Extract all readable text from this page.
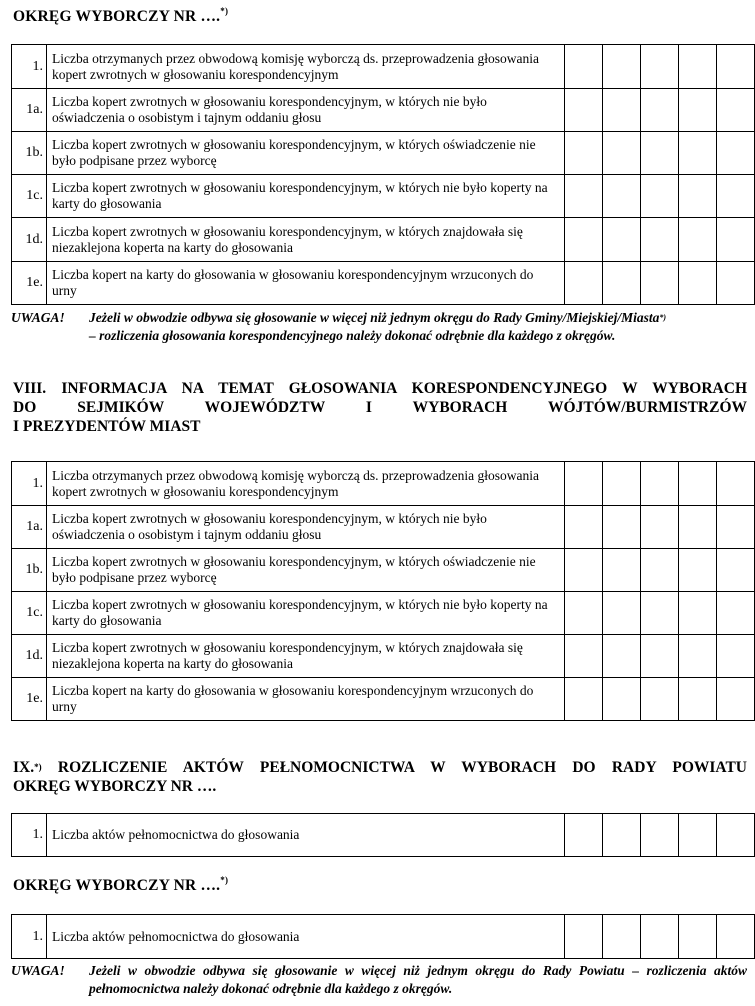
OKRĘG WYBORCZY NR ….*)
1.	Liczba otrzymanych przez obwodową komisję wyborczą ds. przeprowadzenia głosowania kopert zwrotnych w głosowaniu korespondencyjnym					
1a.	Liczba kopert zwrotnych w głosowaniu korespondencyjnym, w których nie było oświadczenia o osobistym i tajnym oddaniu głosu					
1b.	Liczba kopert zwrotnych w głosowaniu korespondencyjnym, w których oświadczenie nie było podpisane przez wyborcę					
1c.	Liczba kopert zwrotnych w głosowaniu korespondencyjnym, w których nie było koperty na karty do głosowania					
1d.	Liczba kopert zwrotnych w głosowaniu korespondencyjnym, w których znajdowała się niezaklejona koperta na karty do głosowania					
1e.	Liczba kopert na karty do głosowania w głosowaniu korespondencyjnym wrzuconych do urny					
UWAGA! Jeżeli w obwodzie odbywa się głosowanie w więcej niż jednym okręgu do Rady Gminy/Miejskiej/Miasta*)
– rozliczenia głosowania korespondencyjnego należy dokonać odrębnie dla każdego z okręgów.
VIII. INFORMACJA NA TEMAT GŁOSOWANIA KORESPONDENCYJNEGO W WYBORACH
DO SEJMIKÓW WOJEWÓDZTW I WYBORACH WÓJTÓW/BURMISTRZÓW
I PREZYDENTÓW MIAST
1.	Liczba otrzymanych przez obwodową komisję wyborczą ds. przeprowadzenia głosowania kopert zwrotnych w głosowaniu korespondencyjnym					
1a.	Liczba kopert zwrotnych w głosowaniu korespondencyjnym, w których nie było oświadczenia o osobistym i tajnym oddaniu głosu					
1b.	Liczba kopert zwrotnych w głosowaniu korespondencyjnym, w których oświadczenie nie było podpisane przez wyborcę					
1c.	Liczba kopert zwrotnych w głosowaniu korespondencyjnym, w których nie było koperty na karty do głosowania					
1d.	Liczba kopert zwrotnych w głosowaniu korespondencyjnym, w których znajdowała się niezaklejona koperta na karty do głosowania					
1e.	Liczba kopert na karty do głosowania w głosowaniu korespondencyjnym wrzuconych do urny					
IX.*) ROZLICZENIE AKTÓW PEŁNOMOCNICTWA W WYBORACH DO RADY POWIATU
OKRĘG WYBORCZY NR ….
1.	Liczba aktów pełnomocnictwa do głosowania					
OKRĘG WYBORCZY NR ….*)
1.	Liczba aktów pełnomocnictwa do głosowania					
UWAGA! Jeżeli w obwodzie odbywa się głosowanie w więcej niż jednym okręgu do Rady Powiatu – rozliczenia aktów pełnomocnictwa należy dokonać odrębnie dla każdego z okręgów.
